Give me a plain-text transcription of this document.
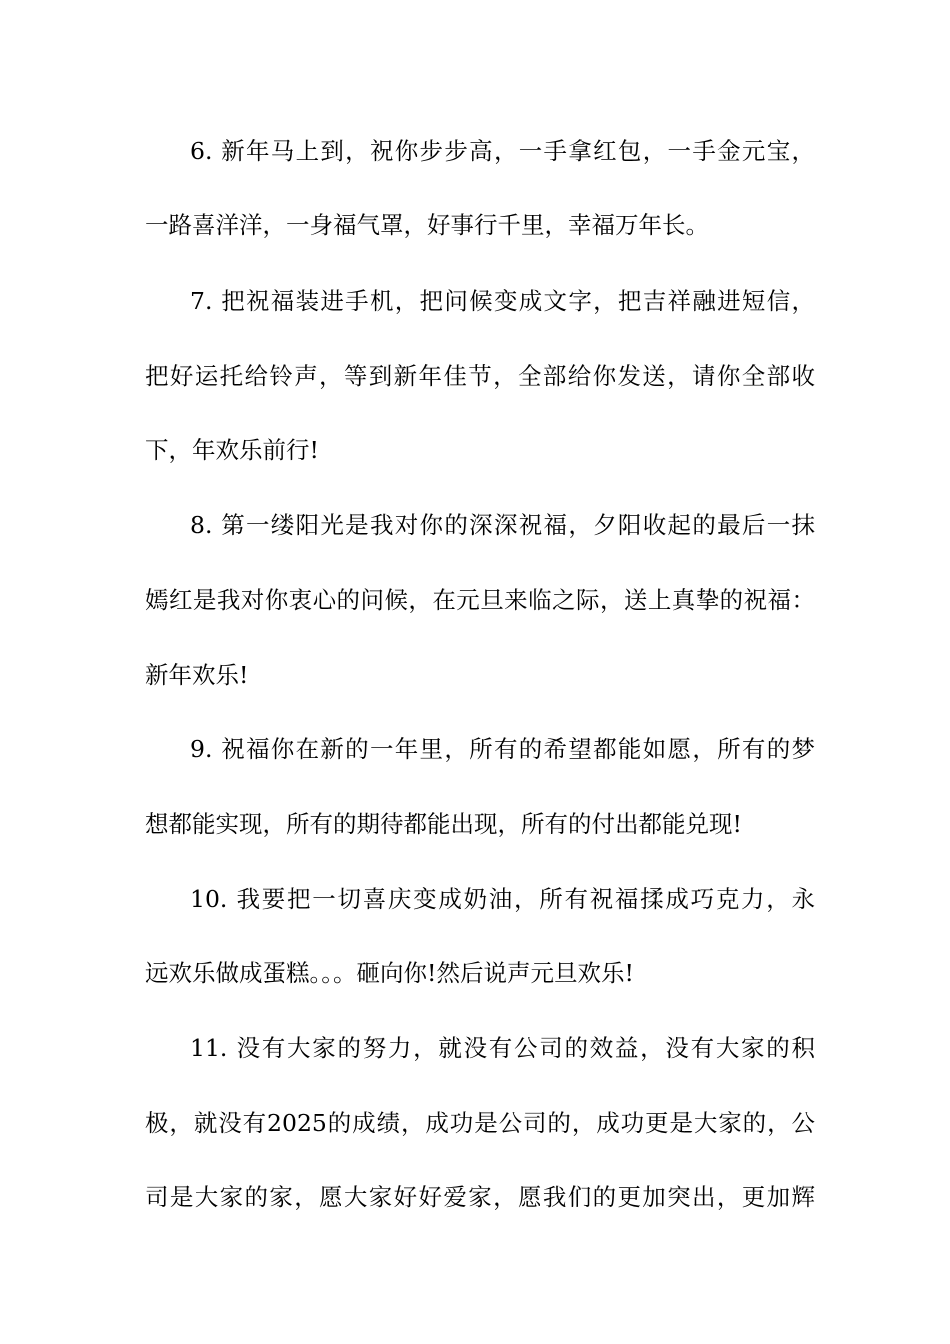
6. 新年马上到，祝你步步高，一手拿红包，一手金元宝，
一路喜洋洋，一身福气罩，好事行千里，幸福万年长。
7. 把祝福装进手机，把问候变成文字，把吉祥融进短信，
把好运托给铃声，等到新年佳节，全部给你发送，请你全部收
下，年欢乐前行!
8. 第一缕阳光是我对你的深深祝福，夕阳收起的最后一抹
嫣红是我对你衷心的问候，在元旦来临之际，送上真挚的祝福：
新年欢乐!
9. 祝福你在新的一年里，所有的希望都能如愿，所有的梦
想都能实现，所有的期待都能出现，所有的付出都能兑现!
10. 我要把一切喜庆变成奶油，所有祝福揉成巧克力，永
远欢乐做成蛋糕。。。砸向你!然后说声元旦欢乐!
11. 没有大家的努力，就没有公司的效益，没有大家的积
极，就没有2025的成绩，成功是公司的，成功更是大家的，公
司是大家的家，愿大家好好爱家，愿我们的更加突出，更加辉
